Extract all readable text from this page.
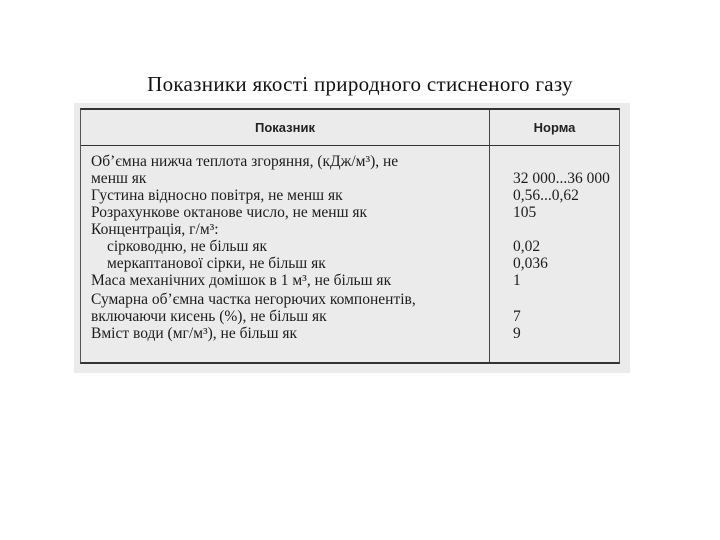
Показники якості природного стисненого газу
Показник	Норма
Об’ємна нижча теплота згоряння, (кДж/м³), не
менш як	32 000...36 000
Густина відносно повітря, не менш як	0,56...0,62
Розрахункове октанове число, не менш як	105
Концентрація, г/м³:
сірководню, не більш як	0,02
меркаптанової сірки, не більш як	0,036
Маса механічних домішок в 1 м³, не більш як	1
Сумарна об’ємна частка негорючих компонентів,
включаючи кисень (%), не більш як	7
Вміст води (мг/м³), не більш як	9
